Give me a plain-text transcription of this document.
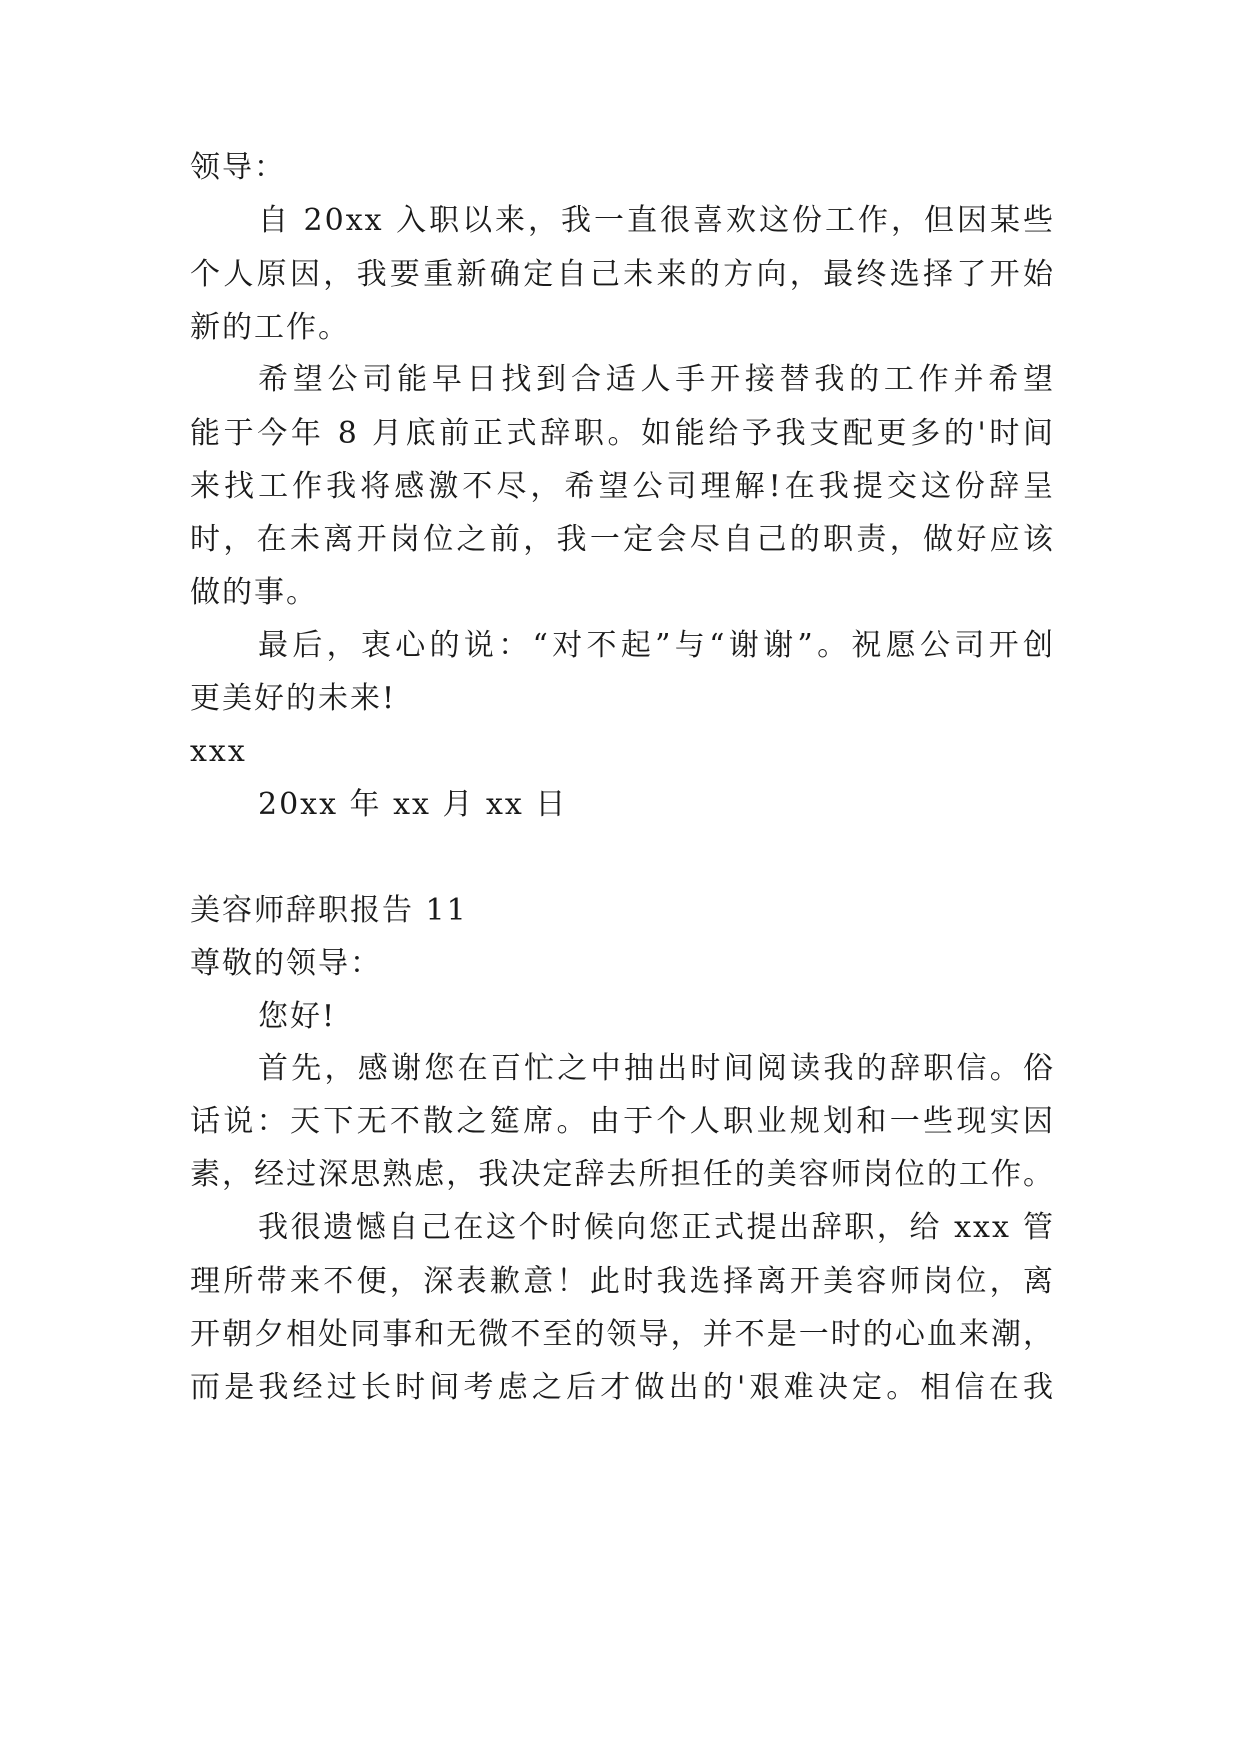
领导：
自 20xx 入职以来，我一直很喜欢这份工作，但因某些
个人原因，我要重新确定自己未来的方向，最终选择了开始
新的工作。
希望公司能早日找到合适人手开接替我的工作并希望
能于今年 8 月底前正式辞职。如能给予我支配更多的'时间
来找工作我将感激不尽，希望公司理解!在我提交这份辞呈
时，在未离开岗位之前，我一定会尽自己的职责，做好应该
做的事。
最后，衷心的说：“对不起”与“谢谢”。祝愿公司开创
更美好的未来!
xxx
20xx 年 xx 月 xx 日
美容师辞职报告 11
尊敬的领导：
您好!
首先，感谢您在百忙之中抽出时间阅读我的辞职信。俗
话说：天下无不散之筵席。由于个人职业规划和一些现实因
素，经过深思熟虑，我决定辞去所担任的美容师岗位的工作。
我很遗憾自己在这个时候向您正式提出辞职，给 xxx 管
理所带来不便，深表歉意！此时我选择离开美容师岗位，离
开朝夕相处同事和无微不至的领导，并不是一时的心血来潮，
而是我经过长时间考虑之后才做出的'艰难决定。相信在我
